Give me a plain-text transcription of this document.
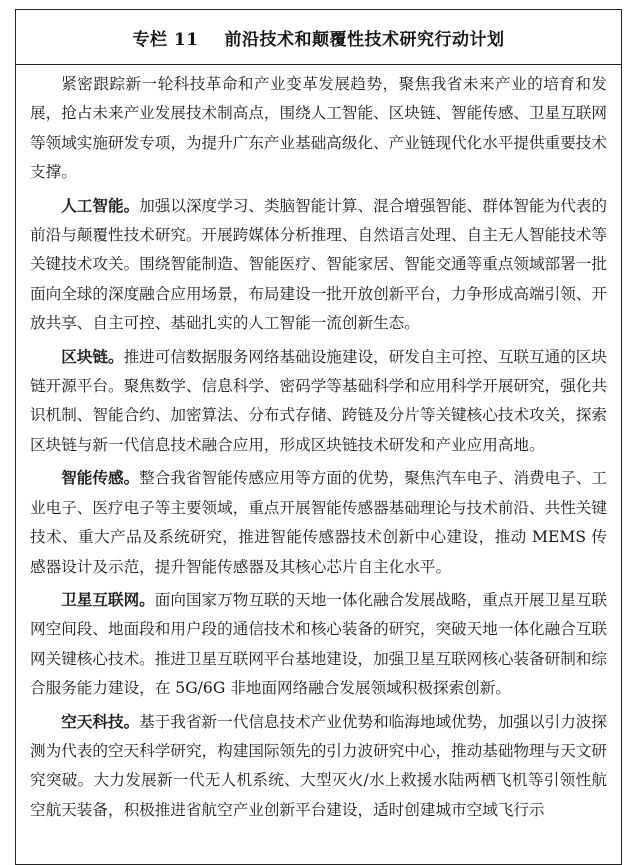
专栏 11 前沿技术和颠覆性技术研究行动计划

紧密跟踪新一轮科技革命和产业变革发展趋势，聚焦我省未来产业的培育和发展，抢占未来产业发展技术制高点，围绕人工智能、区块链、智能传感、卫星互联网等领域实施研发专项，为提升广东产业基础高级化、产业链现代化水平提供重要技术支撑。

人工智能。加强以深度学习、类脑智能计算、混合增强智能、群体智能为代表的前沿与颠覆性技术研究。开展跨媒体分析推理、自然语言处理、自主无人智能技术等关键技术攻关。围绕智能制造、智能医疗、智能家居、智能交通等重点领域部署一批面向全球的深度融合应用场景，布局建设一批开放创新平台，力争形成高端引领、开放共享、自主可控、基础扎实的人工智能一流创新生态。

区块链。推进可信数据服务网络基础设施建设，研发自主可控、互联互通的区块链开源平台。聚焦数学、信息科学、密码学等基础科学和应用科学开展研究，强化共识机制、智能合约、加密算法、分布式存储、跨链及分片等关键核心技术攻关，探索区块链与新一代信息技术融合应用，形成区块链技术研发和产业应用高地。

智能传感。整合我省智能传感应用等方面的优势，聚焦汽车电子、消费电子、工业电子、医疗电子等主要领域，重点开展智能传感器基础理论与技术前沿、共性关键技术、重大产品及系统研究，推进智能传感器技术创新中心建设，推动 MEMS 传感器设计及示范，提升智能传感器及其核心芯片自主化水平。

卫星互联网。面向国家万物互联的天地一体化融合发展战略，重点开展卫星互联网空间段、地面段和用户段的通信技术和核心装备的研究，突破天地一体化融合互联网关键核心技术。推进卫星互联网平台基地建设，加强卫星互联网核心装备研制和综合服务能力建设，在 5G/6G 非地面网络融合发展领域积极探索创新。

空天科技。基于我省新一代信息技术产业优势和临海地域优势，加强以引力波探测为代表的空天科学研究，构建国际领先的引力波研究中心，推动基础物理与天文研究突破。大力发展新一代无人机系统、大型灭火/水上救援水陆两栖飞机等引领性航空航天装备，积极推进省航空产业创新平台建设，适时创建城市空域飞行示
